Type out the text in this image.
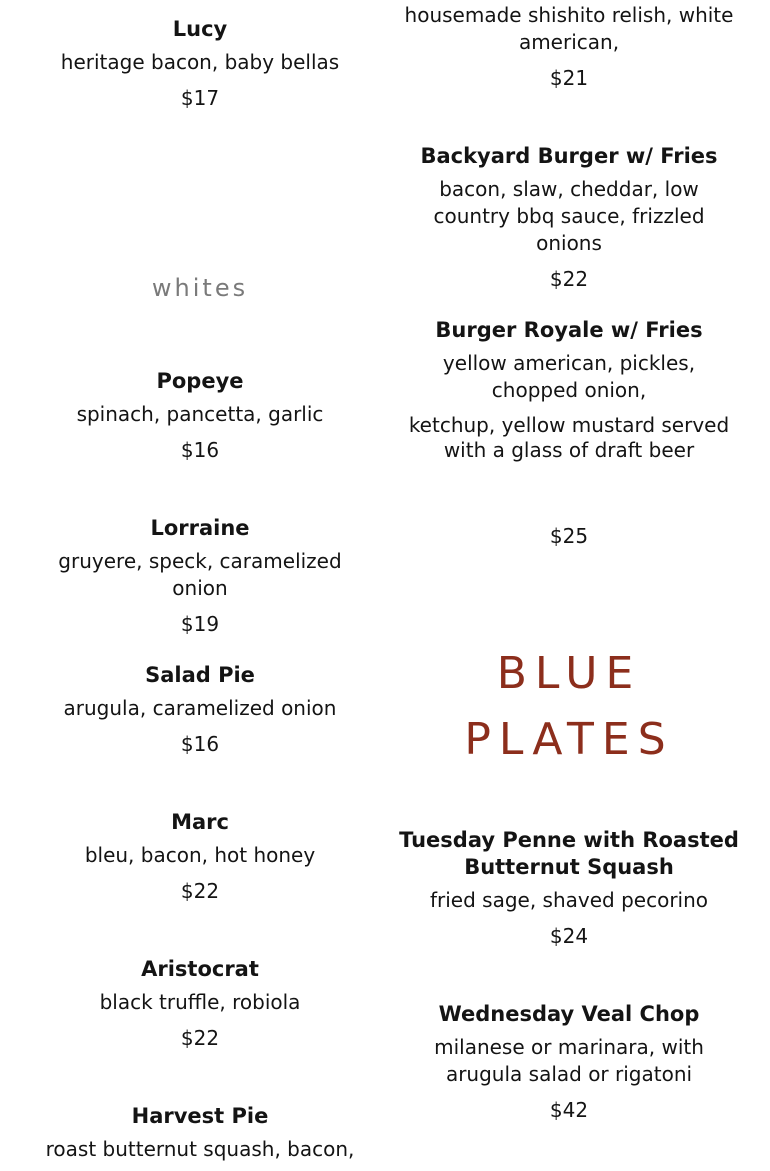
Lucy
heritage bacon, baby bellas
$17
whites
Popeye
spinach, pancetta, garlic
$16
Lorraine
gruyere, speck, caramelized onion
$19
Salad Pie
arugula, caramelized onion
$16
Marc
bleu, bacon, hot honey
$22
Aristocrat
black truffle, robiola
$22
Harvest Pie
roast butternut squash, bacon,
housemade shishito relish, white american,
$21
Backyard Burger w/ Fries
bacon, slaw, cheddar, low country bbq sauce, frizzled onions
$22
Burger Royale w/ Fries
yellow american, pickles, chopped onion,
ketchup, yellow mustard served with a glass of draft beer
$25
BLUE
PLATES
Tuesday Penne with Roasted Butternut Squash
fried sage, shaved pecorino
$24
Wednesday Veal Chop
milanese or marinara, with arugula salad or rigatoni
$42
